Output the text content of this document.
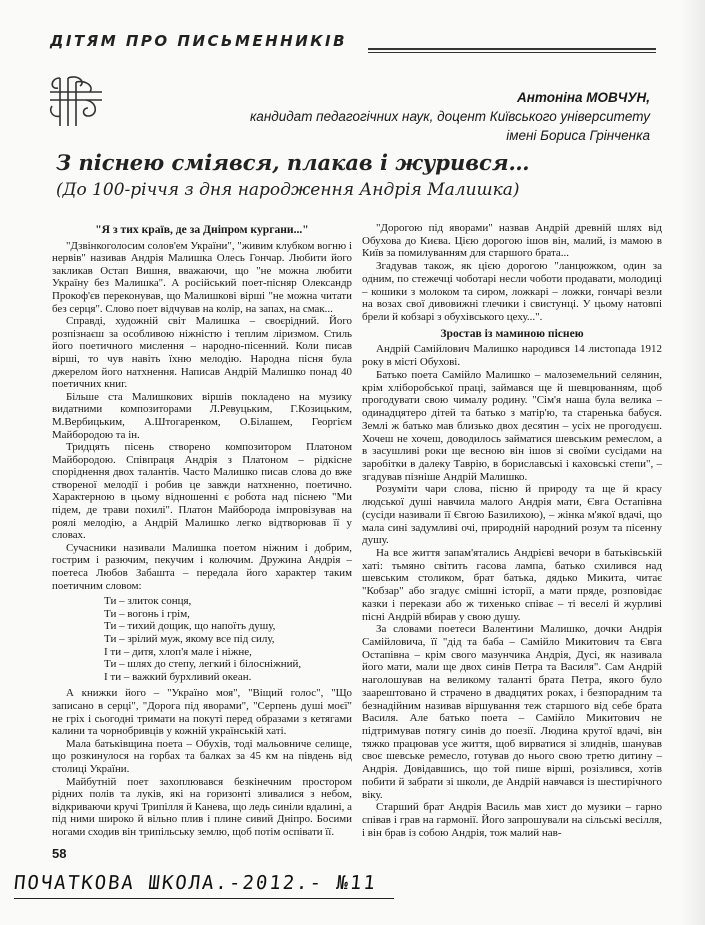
ДІТЯМ ПРО ПИСЬМЕННИКІВ
Антоніна МОВЧУН,
кандидат педагогічних наук, доцент Київського університету
імені Бориса Грінченка
З піснею сміявся, плакав і журився…
(До 100-річчя з дня народження Андрія Малишка)
"Я з тих країв, де за Дніпром кургани..."

"Дзвінкоголосим солов'ем України", "живим клубком вогню і нервів" називав Андрія Малишка Олесь Гончар. Любити його закликав Остап Вишня, вважаючи, що "не можна любити Україну без Малишка". А російський поет-пісняр Олександр Прокоф'єв переконував, що Малишкові вірші "не можна читати без серця". Слово поет відчував на колір, на запах, на смак...

Справді, художній світ Малишка – своєрідний. Його розпізнаєш за особливою ніжністю і теплим ліризмом. Стиль його поетичного мислення – народно-пісенний. Коли писав вірші, то чув навіть їхню мелодію. Народна пісня була джерелом його натхнення. Написав Андрій Малишко понад 40 поетичних книг.

Більше ста Малишкових віршів покладено на музику видатними композиторами Л.Ревуцьким, Г.Козицьким, М.Вербицьким, А.Штогаренком, О.Білашем, Георгієм Майбородою та ін.

Тридцять пісень створено композитором Платоном Майбородою. Співпраця Андрія з Платоном – рідкісне споріднення двох талантів. Часто Малишко писав слова до вже створеної мелодії і робив це завжди натхненно, поетично. Характерною в цьому відношенні є робота над піснею "Ми підем, де трави похилі". Платон Майборода імпровізував на роялі мелодію, а Андрій Малишко легко відтворював її у словах.

Сучасники називали Малишка поетом ніжним і добрим, гострим і разючим, пекучим і колючим. Дружина Андрія – поетеса Любов Забашта – передала його характер таким поетичним словом:

Ти – злиток сонця,
Ти – вогонь і грім,
Ти – тихий дощик, що напоїть душу,
Ти – зрілий муж, якому все під силу,
І ти – дитя, хлоп'я мале і ніжне,
Ти – шлях до степу, легкий і білосніжний,
І ти – важкий бурхливий океан.

А книжки його – "Україно моя", "Віщий голос", "Що записано в серці", "Дорога під яворами", "Серпень душі моєї" не гріх і сьогодні тримати на покуті перед образами з кетягами калини та чорнобривців у кожній українській хаті.

Мала батьківщина поета – Обухів, тоді мальовниче селище, що розкинулося на горбах та балках за 45 км на південь від столиці України.

Майбутній поет захоплювався безкінечним простором рідних полів та луків, які на горизонті зливалися з небом, відкриваючи кручі Трипілля й Канева, що ледь синіли вдалині, а під ними широко й вільно плив і плине сивий Дніпро. Босими ногами сходив він трипільську землю, щоб потім оспівати її.

"Дорогою під яворами" назвав Андрій древній шлях від Обухова до Києва. Цією дорогою ішов він, малий, із мамою в Київ за помилуванням для старшого брата...

Згадував також, як цією дорогою "ланцюжком, один за одним, по стежечці чоботарі несли чоботи продавати, молодиці – кошики з молоком та сиром, ложкарі – ложки, гончарі везли на возах свої дивовижні глечики і свистунці. У цьому натовпі брели й кобзарі з обухівського цеху...".

Зростав із маминою піснею

Андрій Самійлович Малишко народився 14 листопада 1912 року в місті Обухові.

Батько поета Самійло Малишко – малоземельний селянин, крім хліборобської праці, займався ще й шевцюванням, щоб прогодувати свою чималу родину. "Сім'я наша була велика – одинадцятеро дітей та батько з матір'ю, та старенька бабуся. Землі ж батько мав близько двох десятин – усіх не прогодуєш. Хочеш не хочеш, доводилось займатися шевським ремеслом, а в засушливі роки ще весною він ішов зі своїми сусідами на заробітки в далеку Таврію, в бориславські і каховські степи", – згадував пізніше Андрій Малишко.

Розуміти чари слова, пісню й природу та ще й красу людської душі навчила малого Андрія мати, Євга Остапівна (сусіди називали її Євгою Базилихою), – жінка м'якої вдачі, що мала сині задумливі очі, природній народний розум та пісенну душу.

На все життя запам'ятались Андрієві вечори в батьківській хаті: тьмяно світить гасова лампа, батько схилився над шевським столиком, брат батька, дядько Микита, читає "Кобзар" або згадує смішні історії, а мати пряде, розповідає казки і перекази або ж тихенько співає – ті веселі й журливі пісні Андрій вбирав у свою душу.

За словами поетеси Валентини Малишко, дочки Андрія Самійловича, її "дід та баба – Самійло Микитович та Євга Остапівна – крім свого мазунчика Андрія, Дусі, як називала його мати, мали ще двох синів Петра та Василя". Сам Андрій наголошував на великому таланті брата Петра, якого було заарештовано й страчено в двадцятих роках, і безпорадним та безнадійним називав віршування теж старшого від себе брата Василя. Але батько поета – Самійло Микитович не підтримував потягу синів до поезії. Людина крутої вдачі, він тяжко працював усе життя, щоб вирватися зі злиднів, шанував своє шевське ремесло, готував до нього свою третю дитину – Андрія. Довідавшись, що той пише вірші, розізлився, хотів побити й забрати зі школи, де Андрій навчався із шестирічного віку.

Старший брат Андрія Василь мав хист до музики – гарно співав і грав на гармонії. Його запрошували на сільські весілля, і він брав із собою Андрія, тож малий нав-

58
ПОЧАТКОВА ШКОЛА.-2012.- №11
